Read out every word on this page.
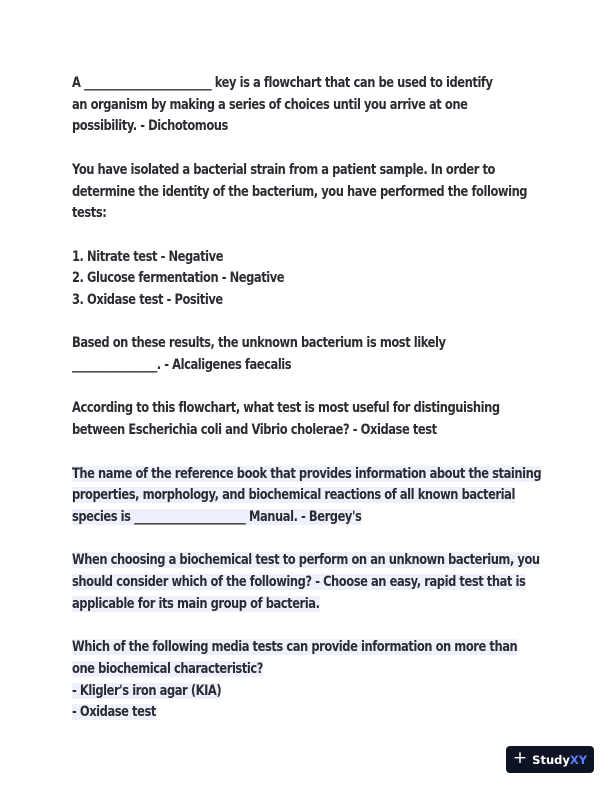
A ________________________ key is a flowchart that can be used to identify
an organism by making a series of choices until you arrive at one
possibility. - Dichotomous
You have isolated a bacterial strain from a patient sample. In order to
determine the identity of the bacterium, you have performed the following
tests:
1. Nitrate test - Negative
2. Glucose fermentation - Negative
3. Oxidase test - Positive
Based on these results, the unknown bacterium is most likely
________________. - Alcaligenes faecalis
According to this flowchart, what test is most useful for distinguishing
between Escherichia coli and Vibrio cholerae? - Oxidase test
The name of the reference book that provides information about the staining
properties, morphology, and biochemical reactions of all known bacterial
species is _____________________ Manual. - Bergey's
When choosing a biochemical test to perform on an unknown bacterium, you
should consider which of the following? - Choose an easy, rapid test that is
applicable for its main group of bacteria.
Which of the following media tests can provide information on more than
one biochemical characteristic?
- Kligler's iron agar (KIA)
- Oxidase test
+ StudyXY
